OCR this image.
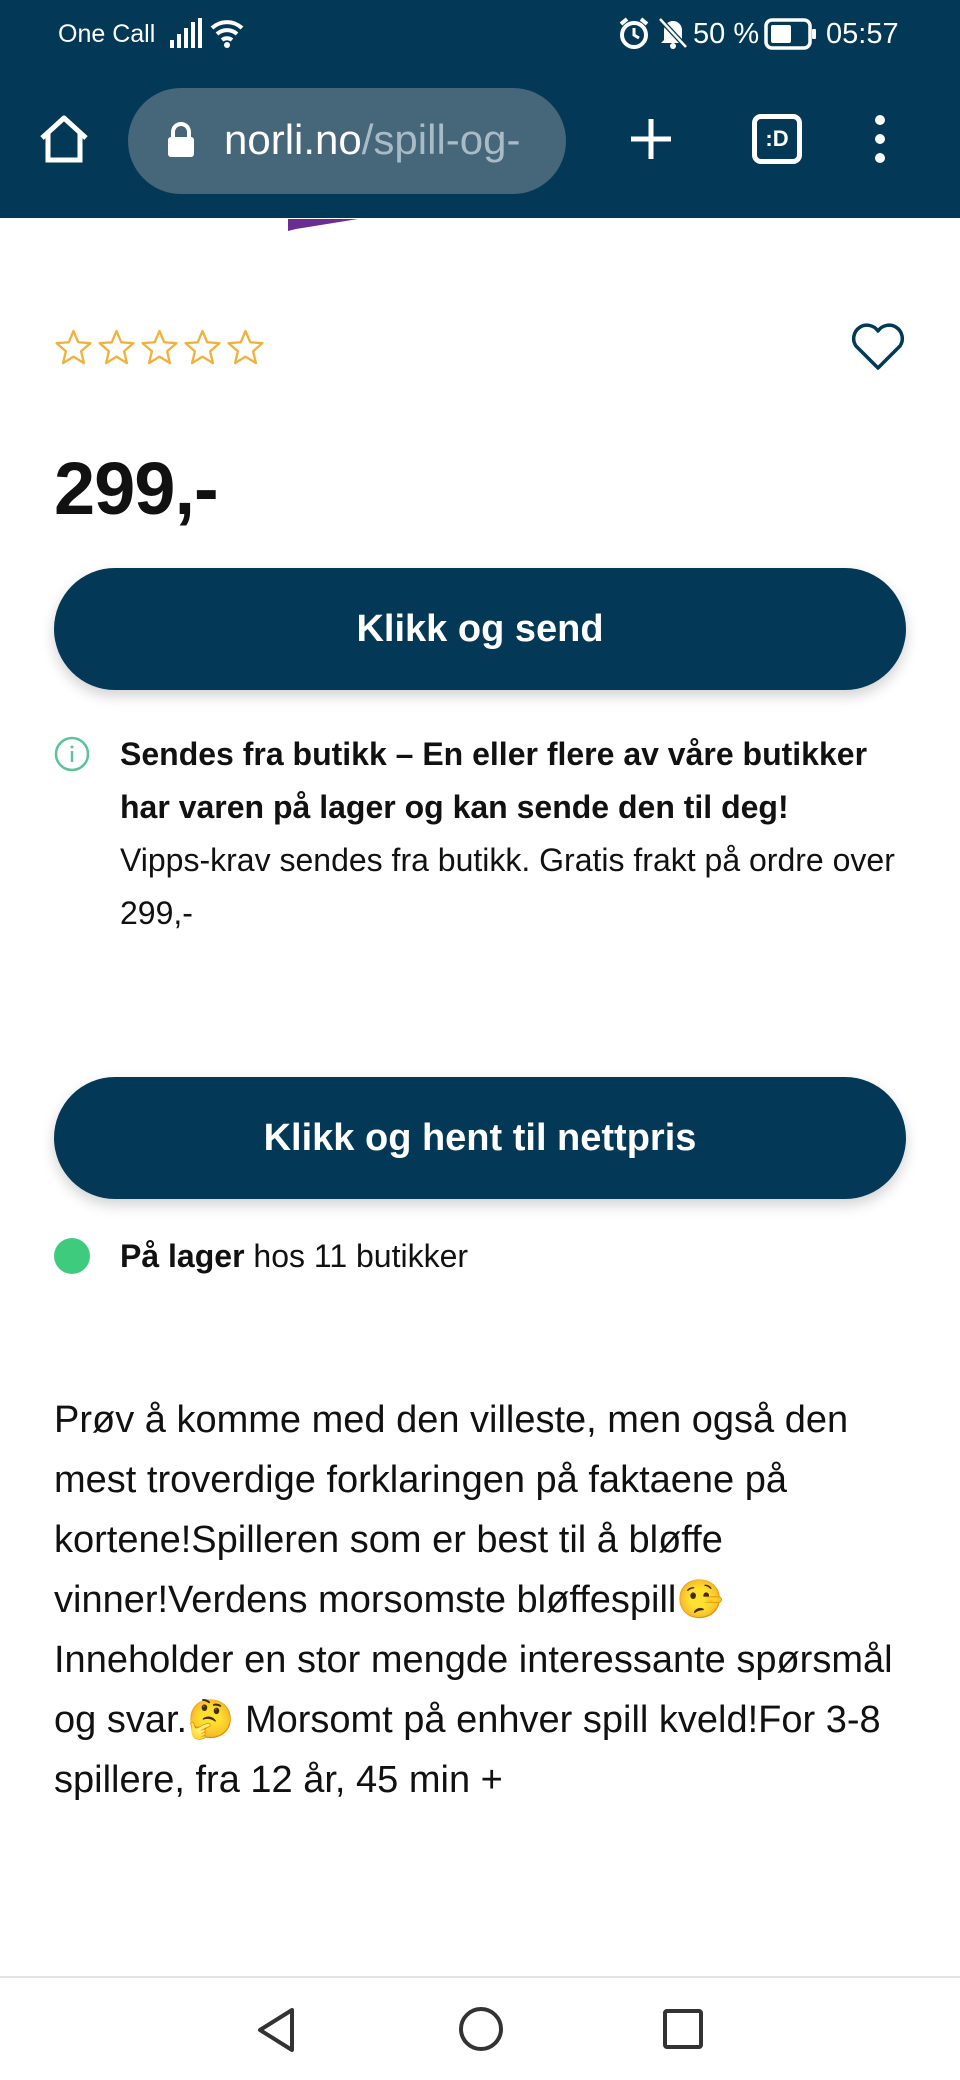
One Call	50 % 05:57
norli.no/spill-og-	:D
299,-
Klikk og send
Sendes fra butikk – En eller flere av våre butikker har varen på lager og kan sende den til deg!
Vipps-krav sendes fra butikk. Gratis frakt på ordre over 299,-
Klikk og hent til nettpris
På lager hos 11 butikker

Prøv å komme med den villeste, men også den mest troverdige forklaringen på faktaene på kortene!Spilleren som er best til å bløffe vinner!Verdens morsomste bløffespill🤥 Inneholder en stor mengde interessante spørsmål og svar.🤔 Morsomt på enhver spill kveld!For 3-8 spillere, fra 12 år, 45 min +
